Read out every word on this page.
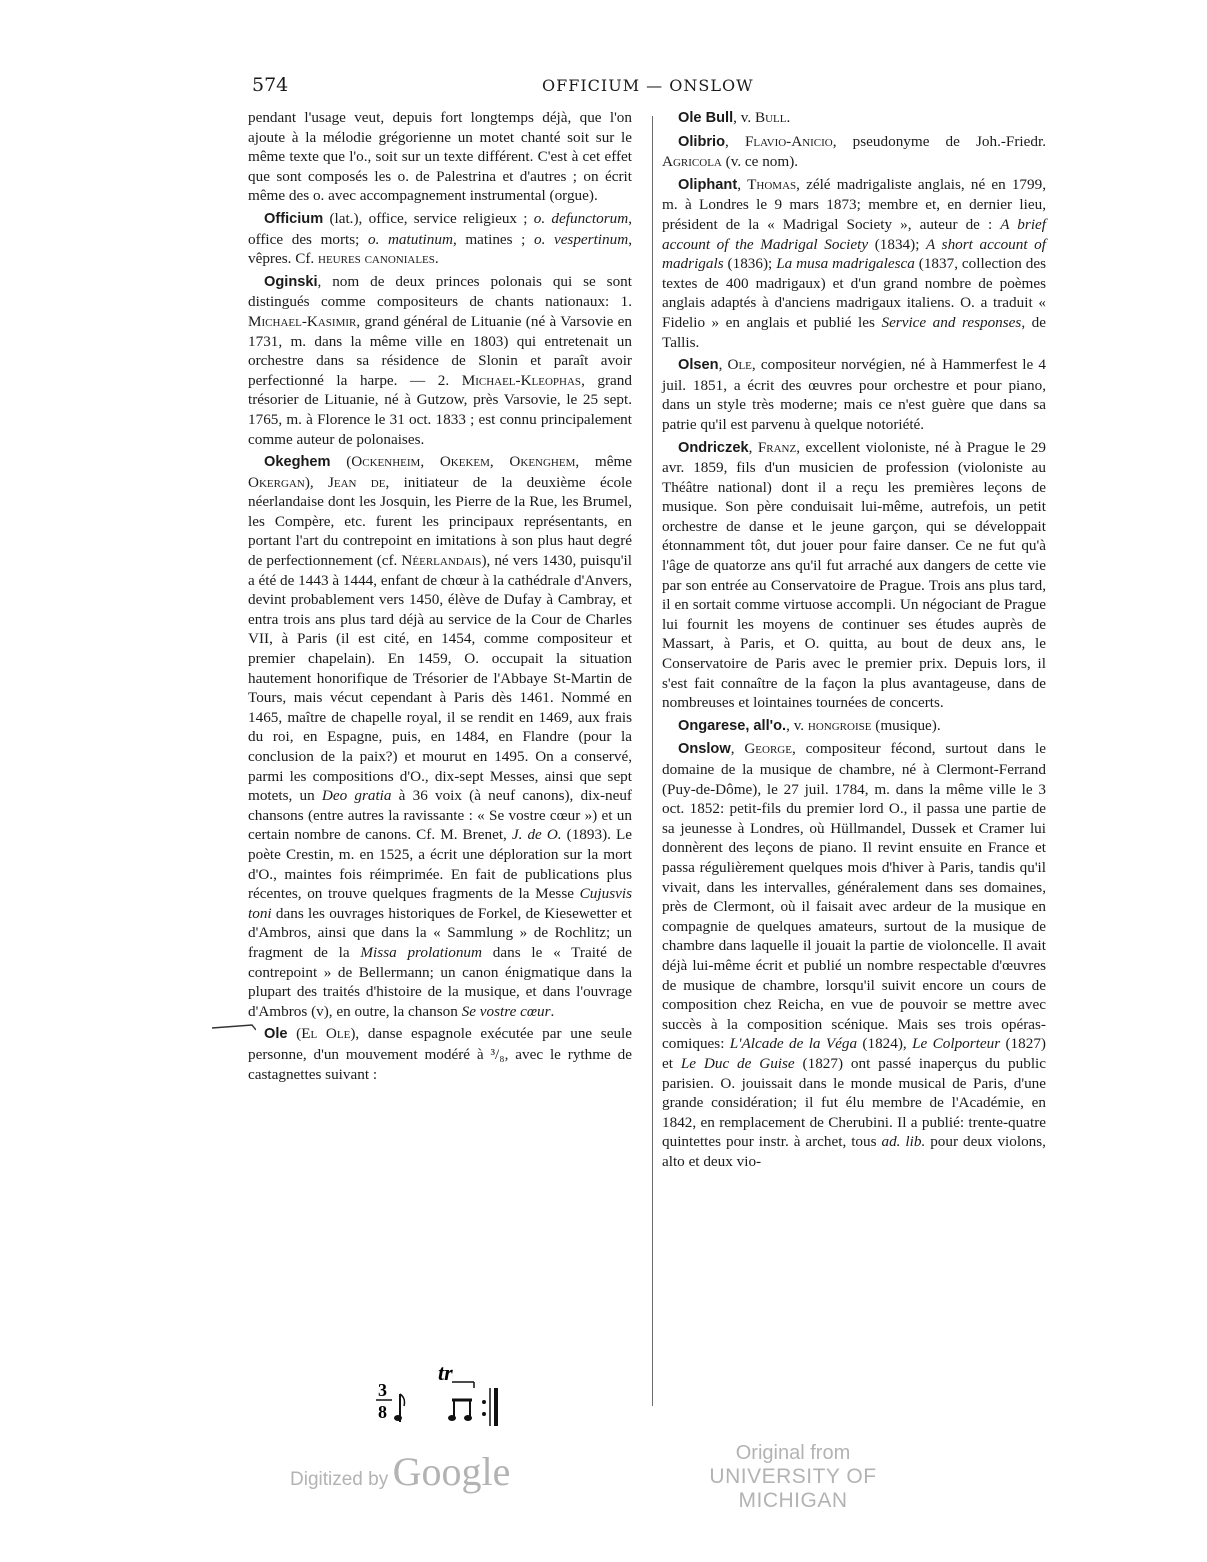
574	OFFICIUM — ONSLOW

pendant l'usage veut, depuis fort longtemps déjà, que l'on ajoute à la mélodie grégorienne un motet chanté soit sur le même texte que l'o., soit sur un texte différent. C'est à cet effet que sont composés les o. de Palestrina et d'autres ; on écrit même des o. avec accompagnement instrumental (orgue).

Officium (lat.), office, service religieux ; o. defunctorum, office des morts; o. matutinum, matines ; o. vespertinum, vêpres. Cf. heures canoniales.

Oginski, nom de deux princes polonais qui se sont distingués comme compositeurs de chants nationaux: 1. Michael-Kasimir, grand général de Lituanie (né à Varsovie en 1731, m. dans la même ville en 1803) qui entretenait un orchestre dans sa résidence de Slonin et paraît avoir perfectionné la harpe. — 2. Michael-Kleophas, grand trésorier de Lituanie, né à Gutzow, près Varsovie, le 25 sept. 1765, m. à Florence le 31 oct. 1833 ; est connu principalement comme auteur de polonaises.

Okeghem (Ockenheim, Okekem, Okenghem, même Okergan), Jean de, initiateur de la deuxième école néerlandaise dont les Josquin, les Pierre de la Rue, les Brumel, les Compère, etc. furent les principaux représentants, en portant l'art du contrepoint en imitations à son plus haut degré de perfectionnement (cf. Néerlandais), né vers 1430, puisqu'il a été de 1443 à 1444, enfant de chœur à la cathédrale d'Anvers, devint probablement vers 1450, élève de Dufay à Cambray, et entra trois ans plus tard déjà au service de la Cour de Charles VII, à Paris (il est cité, en 1454, comme compositeur et premier chapelain). En 1459, O. occupait la situation hautement honorifique de Trésorier de l'Abbaye St-Martin de Tours, mais vécut cependant à Paris dès 1461. Nommé en 1465, maître de chapelle royal, il se rendit en 1469, aux frais du roi, en Espagne, puis, en 1484, en Flandre (pour la conclusion de la paix?) et mourut en 1495. On a conservé, parmi les compositions d'O., dix-sept Messes, ainsi que sept motets, un Deo gratia à 36 voix (à neuf canons), dix-neuf chansons (entre autres la ravissante : « Se vostre cœur ») et un certain nombre de canons. Cf. M. Brenet, J. de O. (1893). Le poète Crestin, m. en 1525, a écrit une déploration sur la mort d'O., maintes fois réimprimée. En fait de publications plus récentes, on trouve quelques fragments de la Messe Cujusvis toni dans les ouvrages historiques de Forkel, de Kiesewetter et d'Ambros, ainsi que dans la « Sammlung » de Rochlitz; un fragment de la Missa prolationum dans le « Traité de contrepoint » de Bellermann; un canon énigmatique dans la plupart des traités d'histoire de la musique, et dans l'ouvrage d'Ambros (v), en outre, la chanson Se vostre cœur.

Ole (El Ole), danse espagnole exécutée par une seule personne, d'un mouvement modéré à ³/₈, avec le rythme de castagnettes suivant :

3
8
tr

Ole Bull, v. Bull.

Olibrio, Flavio-Anicio, pseudonyme de Joh.-Friedr. Agricola (v. ce nom).

Oliphant, Thomas, zélé madrigaliste anglais, né en 1799, m. à Londres le 9 mars 1873; membre et, en dernier lieu, président de la « Madrigal Society », auteur de : A brief account of the Madrigal Society (1834); A short account of madrigals (1836); La musa madrigalesca (1837, collection des textes de 400 madrigaux) et d'un grand nombre de poèmes anglais adaptés à d'anciens madrigaux italiens. O. a traduit « Fidelio » en anglais et publié les Service and responses, de Tallis.

Olsen, Ole, compositeur norvégien, né à Hammerfest le 4 juil. 1851, a écrit des œuvres pour orchestre et pour piano, dans un style très moderne; mais ce n'est guère que dans sa patrie qu'il est parvenu à quelque notoriété.

Ondriczek, Franz, excellent violoniste, né à Prague le 29 avr. 1859, fils d'un musicien de profession (violoniste au Théâtre national) dont il a reçu les premières leçons de musique. Son père conduisait lui-même, autrefois, un petit orchestre de danse et le jeune garçon, qui se développait étonnamment tôt, dut jouer pour faire danser. Ce ne fut qu'à l'âge de quatorze ans qu'il fut arraché aux dangers de cette vie par son entrée au Conservatoire de Prague. Trois ans plus tard, il en sortait comme virtuose accompli. Un négociant de Prague lui fournit les moyens de continuer ses études auprès de Massart, à Paris, et O. quitta, au bout de deux ans, le Conservatoire de Paris avec le premier prix. Depuis lors, il s'est fait connaître de la façon la plus avantageuse, dans de nombreuses et lointaines tournées de concerts.

Ongarese, all'o., v. hongroise (musique).

Onslow, George, compositeur fécond, surtout dans le domaine de la musique de chambre, né à Clermont-Ferrand (Puy-de-Dôme), le 27 juil. 1784, m. dans la même ville le 3 oct. 1852: petit-fils du premier lord O., il passa une partie de sa jeunesse à Londres, où Hüllmandel, Dussek et Cramer lui donnèrent des leçons de piano. Il revint ensuite en France et passa régulièrement quelques mois d'hiver à Paris, tandis qu'il vivait, dans les intervalles, généralement dans ses domaines, près de Clermont, où il faisait avec ardeur de la musique en compagnie de quelques amateurs, surtout de la musique de chambre dans laquelle il jouait la partie de violoncelle. Il avait déjà lui-même écrit et publié un nombre respectable d'œuvres de musique de chambre, lorsqu'il suivit encore un cours de composition chez Reicha, en vue de pouvoir se mettre avec succès à la composition scénique. Mais ses trois opéras-comiques: L'Alcade de la Véga (1824), Le Colporteur (1827) et Le Duc de Guise (1827) ont passé inaperçus du public parisien. O. jouissait dans le monde musical de Paris, d'une grande considération; il fut élu membre de l'Académie, en 1842, en remplacement de Cherubini. Il a publié: trente-quatre quintettes pour instr. à archet, tous ad. lib. pour deux violons, alto et deux vio-

Digitized by Google	Original from
UNIVERSITY OF MICHIGAN
